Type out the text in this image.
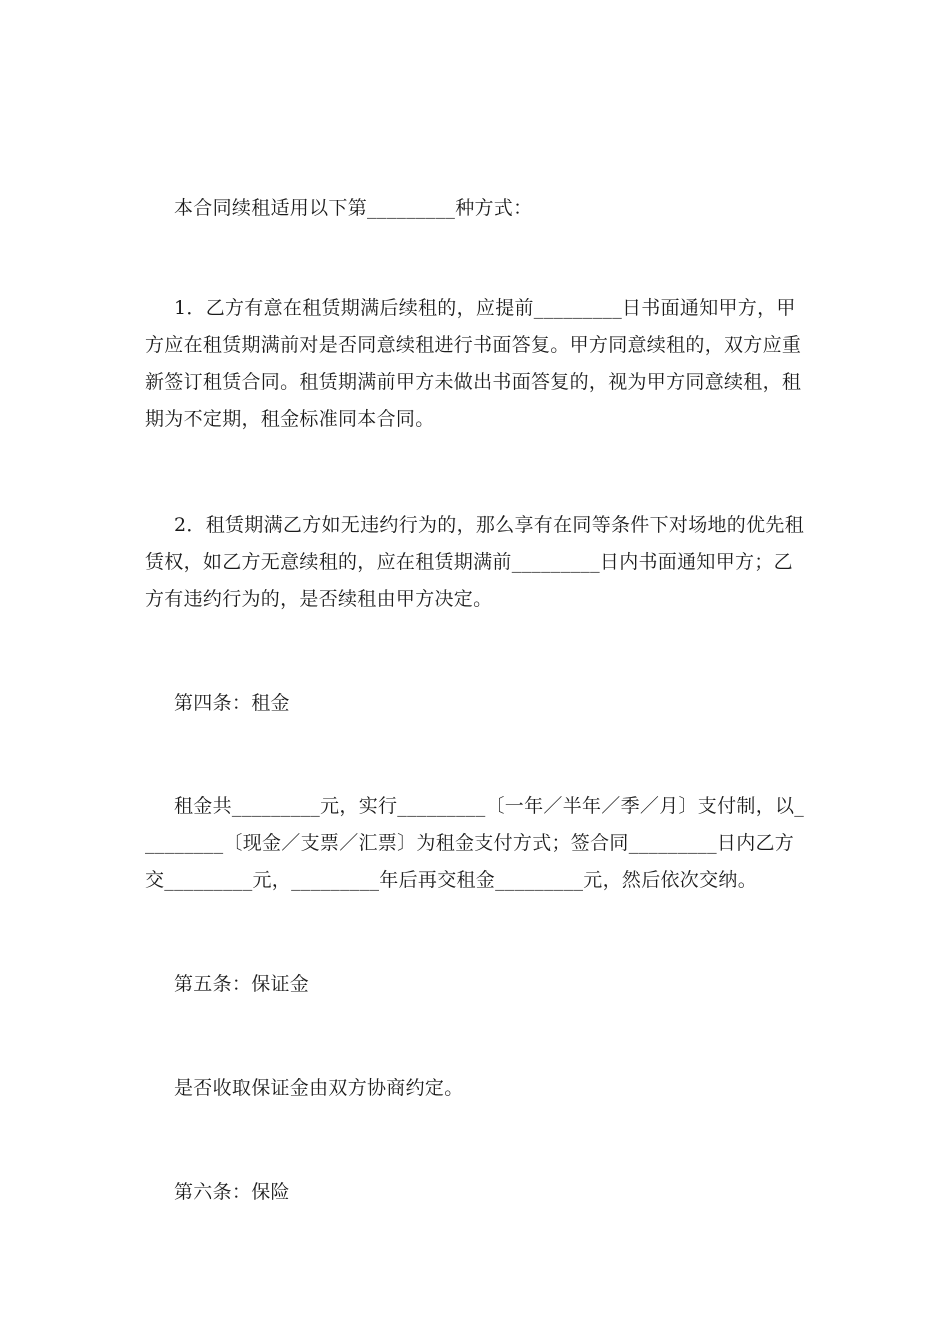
本合同续租适用以下第_________种方式：

1．乙方有意在租赁期满后续租的，应提前_________日书面通知甲方，甲方应在租赁期满前对是否同意续租进行书面答复。甲方同意续租的，双方应重新签订租赁合同。租赁期满前甲方未做出书面答复的，视为甲方同意续租，租期为不定期，租金标准同本合同。

2．租赁期满乙方如无违约行为的，那么享有在同等条件下对场地的优先租赁权，如乙方无意续租的，应在租赁期满前_________日内书面通知甲方；乙方有违约行为的，是否续租由甲方决定。

第四条：租金

租金共_________元，实行_________〔一年／半年／季／月〕支付制，以_________〔现金／支票／汇票〕为租金支付方式；签合同_________日内乙方交_________元，_________年后再交租金_________元，然后依次交纳。

第五条：保证金

是否收取保证金由双方协商约定。

第六条：保险
